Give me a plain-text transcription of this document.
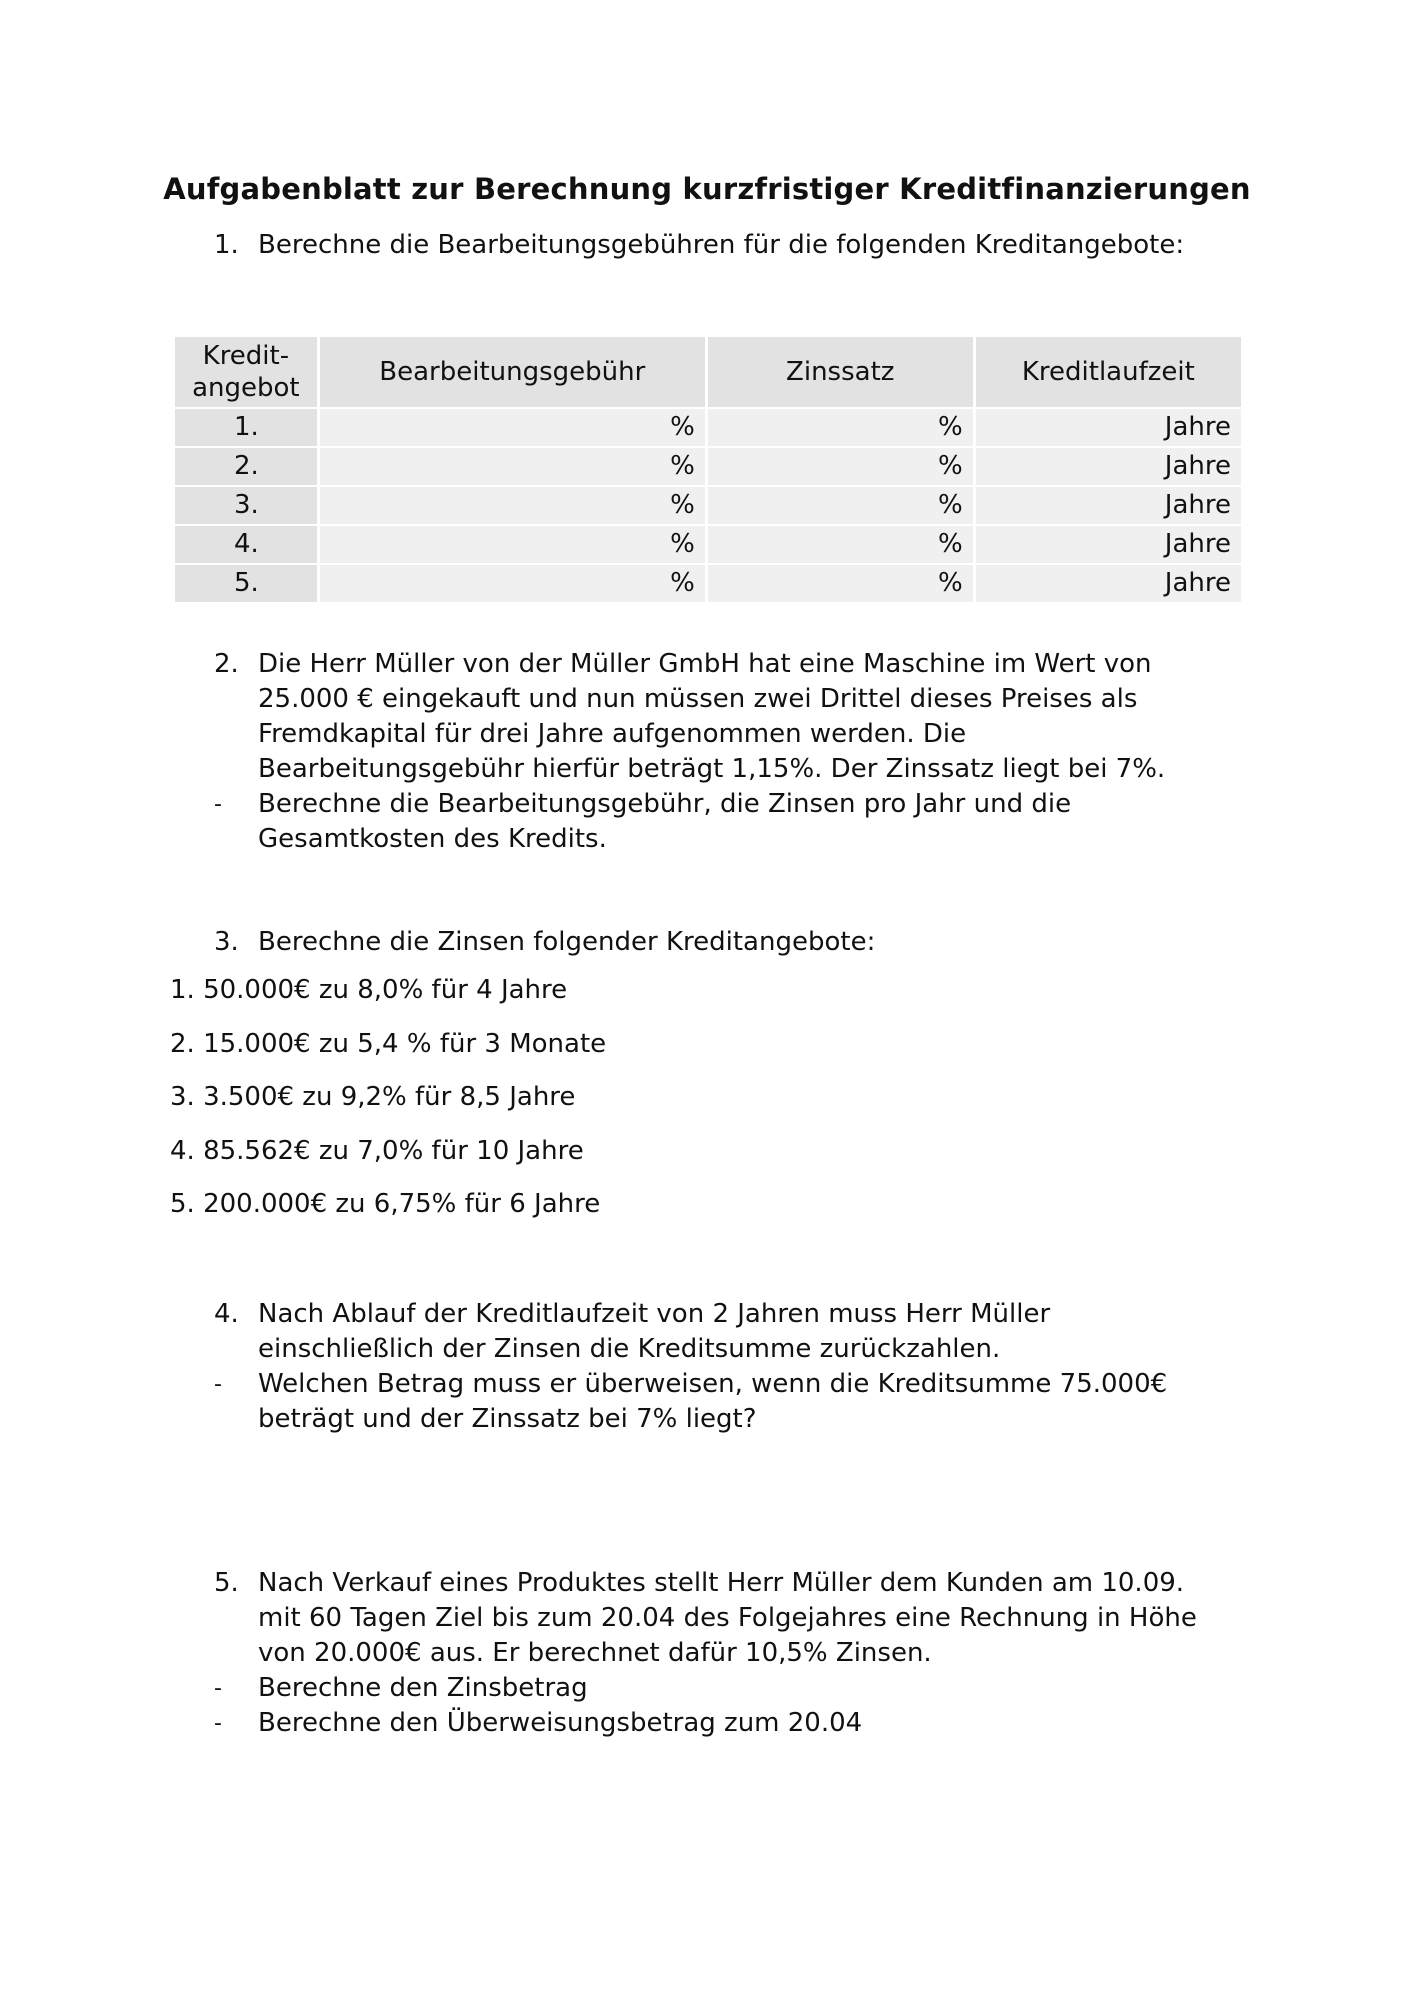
Aufgabenblatt zur Berechnung kurzfristiger Kreditfinanzierungen
1. Berechne die Bearbeitungsgebühren für die folgenden Kreditangebote:
Kredit-
angebot	Bearbeitungsgebühr	Zinssatz	Kreditlaufzeit
1.	%	%	Jahre
2.	%	%	Jahre
3.	%	%	Jahre
4.	%	%	Jahre
5.	%	%	Jahre
2. Die Herr Müller von der Müller GmbH hat eine Maschine im Wert von 25.000 € eingekauft und nun müssen zwei Drittel dieses Preises als Fremdkapital für drei Jahre aufgenommen werden. Die Bearbeitungsgebühr hierfür beträgt 1,15%. Der Zinssatz liegt bei 7%.
-	Berechne die Bearbeitungsgebühr, die Zinsen pro Jahr und die Gesamtkosten des Kredits.
3. Berechne die Zinsen folgender Kreditangebote:
1. 50.000€ zu 8,0% für 4 Jahre
2. 15.000€ zu 5,4 % für 3 Monate
3. 3.500€ zu 9,2% für 8,5 Jahre
4. 85.562€ zu 7,0% für 10 Jahre
5. 200.000€ zu 6,75% für 6 Jahre
4. Nach Ablauf der Kreditlaufzeit von 2 Jahren muss Herr Müller einschließlich der Zinsen die Kreditsumme zurückzahlen.
-	Welchen Betrag muss er überweisen, wenn die Kreditsumme 75.000€ beträgt und der Zinssatz bei 7% liegt?
5. Nach Verkauf eines Produktes stellt Herr Müller dem Kunden am 10.09. mit 60 Tagen Ziel bis zum 20.04 des Folgejahres eine Rechnung in Höhe von 20.000€ aus. Er berechnet dafür 10,5% Zinsen.
-	Berechne den Zinsbetrag
-	Berechne den Überweisungsbetrag zum 20.04
